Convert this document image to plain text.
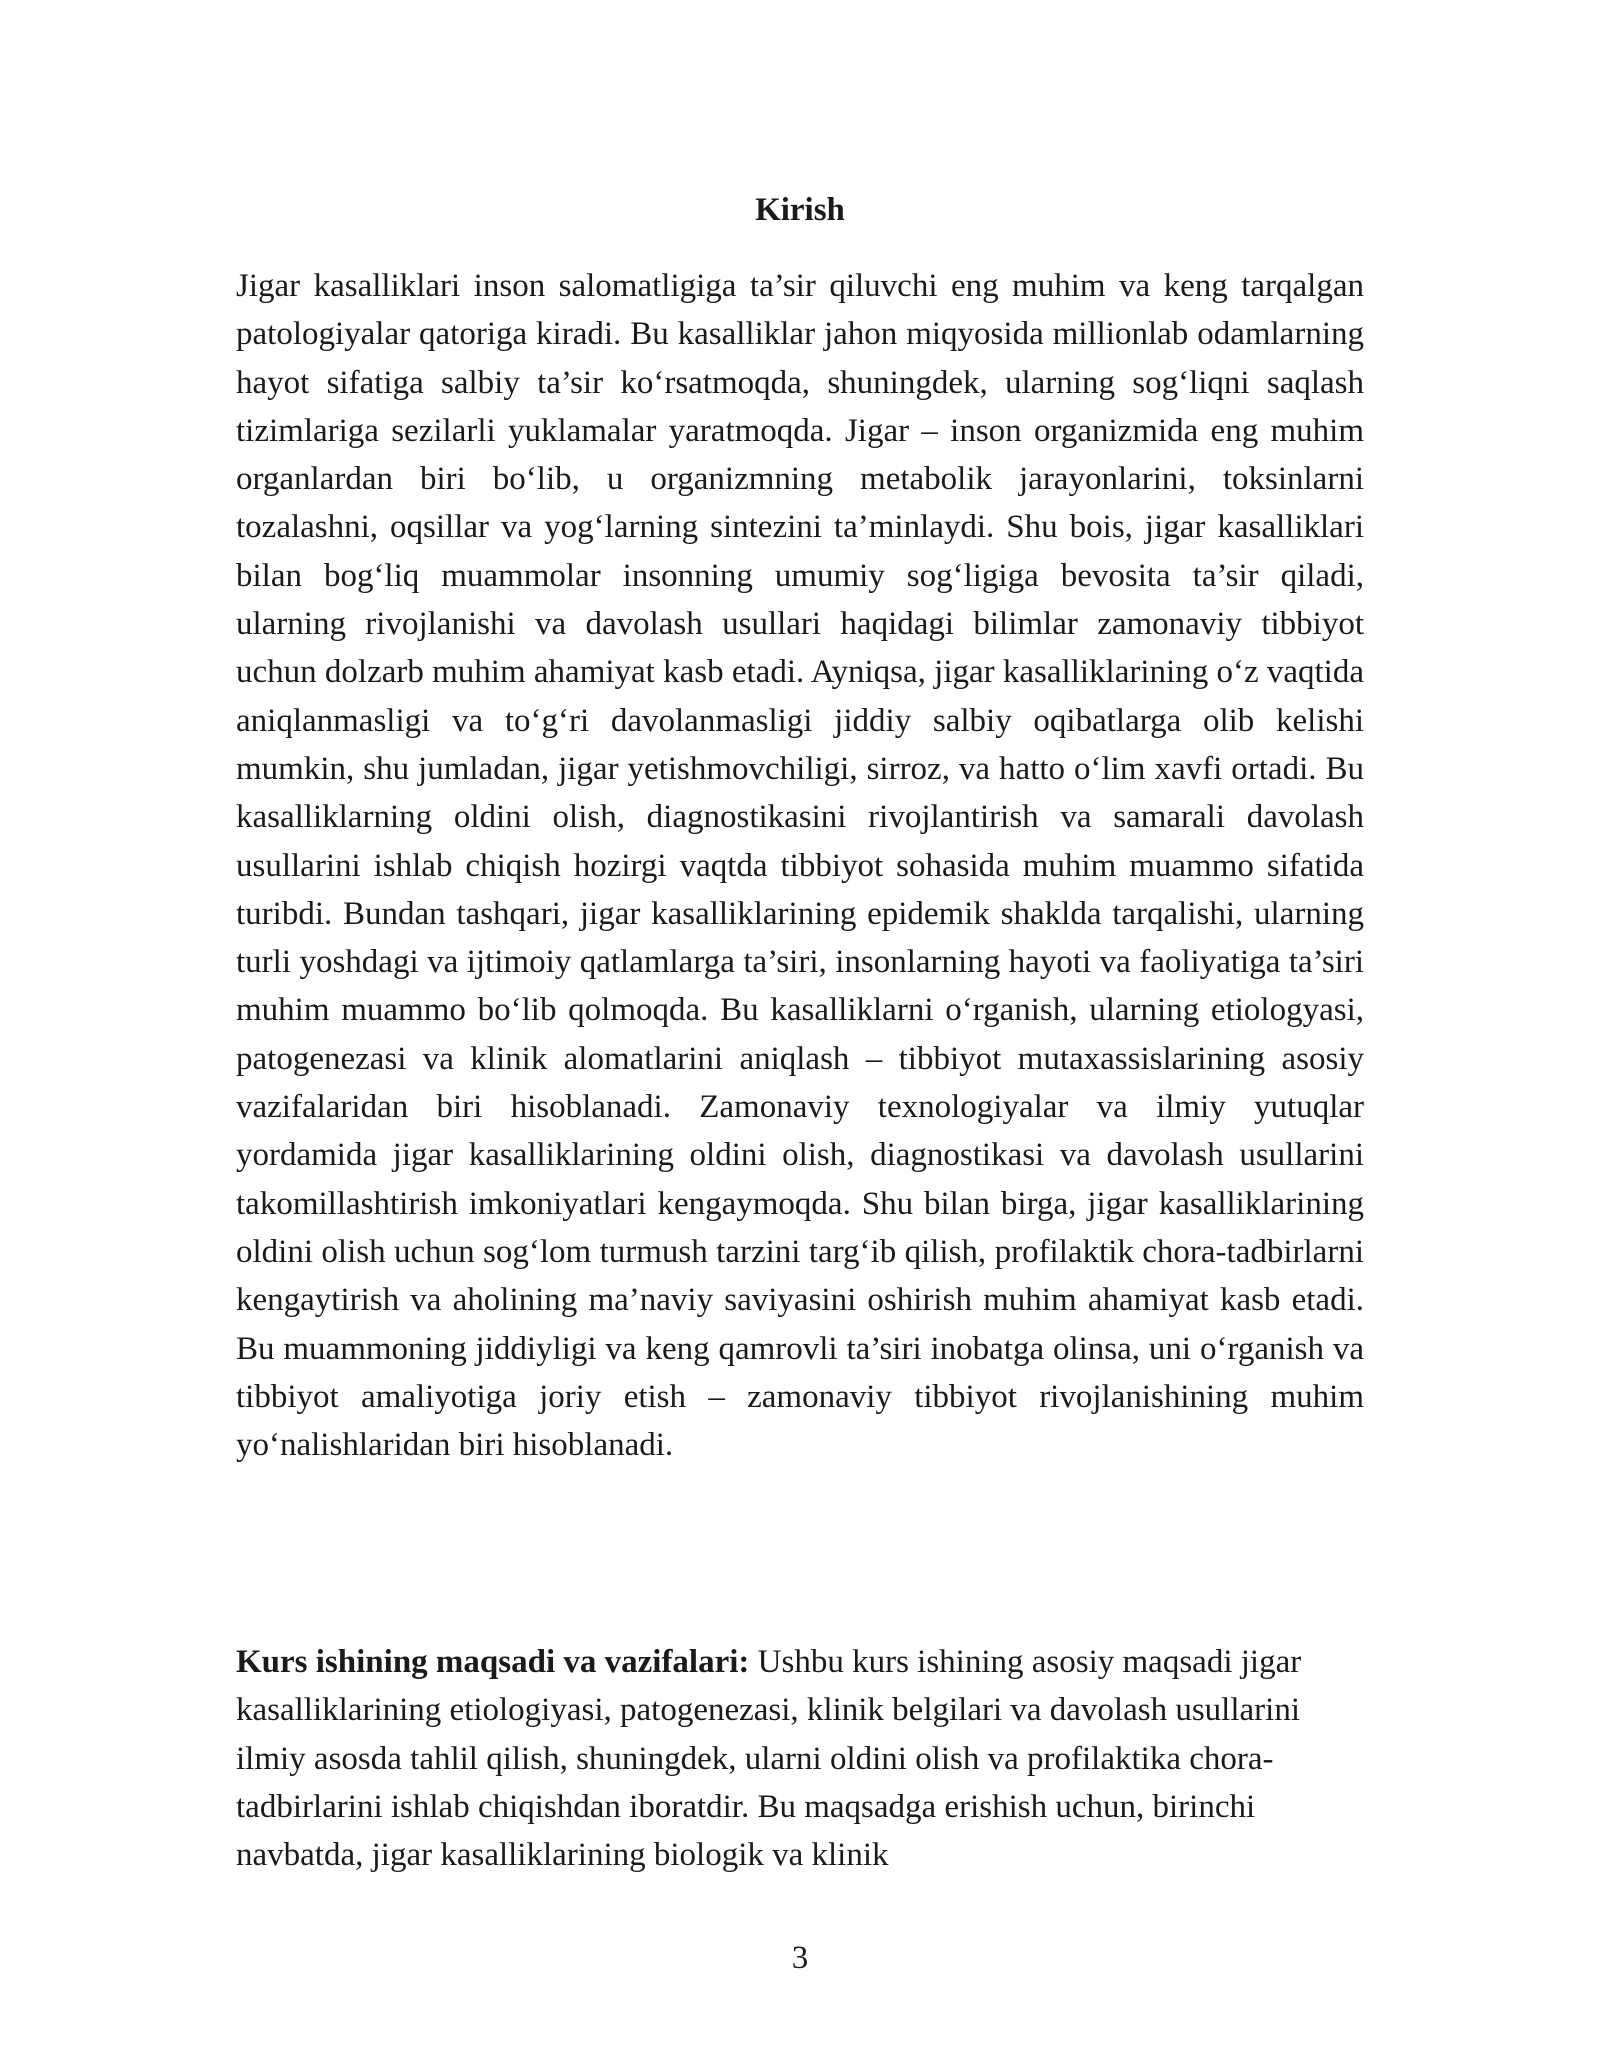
Kirish

Jigar kasalliklari inson salomatligiga ta’sir qiluvchi eng muhim va keng tarqalgan patologiyalar qatoriga kiradi. Bu kasalliklar jahon miqyosida millionlab odamlarning hayot sifatiga salbiy ta’sir ko‘rsatmoqda, shuningdek, ularning sog‘liqni saqlash tizimlariga sezilarli yuklamalar yaratmoqda. Jigar – inson organizmida eng muhim organlardan biri bo‘lib, u organizmning metabolik jarayonlarini, toksinlarni tozalashni, oqsillar va yog‘larning sintezini ta’minlaydi. Shu bois, jigar kasalliklari bilan bog‘liq muammolar insonning umumiy sog‘ligiga bevosita ta’sir qiladi, ularning rivojlanishi va davolash usullari haqidagi bilimlar zamonaviy tibbiyot uchun dolzarb muhim ahamiyat kasb etadi. Ayniqsa, jigar kasalliklarining o‘z vaqtida aniqlanmasligi va to‘g‘ri davolanmasligi jiddiy salbiy oqibatlarga olib kelishi mumkin, shu jumladan, jigar yetishmovchiligi, sirroz, va hatto o‘lim xavfi ortadi. Bu kasalliklarning oldini olish, diagnostikasini rivojlantirish va samarali davolash usullarini ishlab chiqish hozirgi vaqtda tibbiyot sohasida muhim muammo sifatida turibdi. Bundan tashqari, jigar kasalliklarining epidemik shaklda tarqalishi, ularning turli yoshdagi va ijtimoiy qatlamlarga ta’siri, insonlarning hayoti va faoliyatiga ta’siri muhim muammo bo‘lib qolmoqda. Bu kasalliklarni o‘rganish, ularning etiologyasi, patogenezasi va klinik alomatlarini aniqlash – tibbiyot mutaxassislarining asosiy vazifalaridan biri hisoblanadi. Zamonaviy texnologiyalar va ilmiy yutuqlar yordamida jigar kasalliklarining oldini olish, diagnostikasi va davolash usullarini takomillashtirish imkoniyatlari kengaymoqda. Shu bilan birga, jigar kasalliklarining oldini olish uchun sog‘lom turmush tarzini targ‘ib qilish, profilaktik chora-tadbirlarni kengaytirish va aholining ma’naviy saviyasini oshirish muhim ahamiyat kasb etadi. Bu muammoning jiddiyligi va keng qamrovli ta’siri inobatga olinsa, uni o‘rganish va tibbiyot amaliyotiga joriy etish – zamonaviy tibbiyot rivojlanishining muhim yo‘nalishlaridan biri hisoblanadi.

Kurs ishining maqsadi va vazifalari: Ushbu kurs ishining asosiy maqsadi jigar kasalliklarining etiologiyasi, patogenezasi, klinik belgilari va davolash usullarini ilmiy asosda tahlil qilish, shuningdek, ularni oldini olish va profilaktika chora-tadbirlarini ishlab chiqishdan iboratdir. Bu maqsadga erishish uchun, birinchi navbatda, jigar kasalliklarining biologik va klinik

3
